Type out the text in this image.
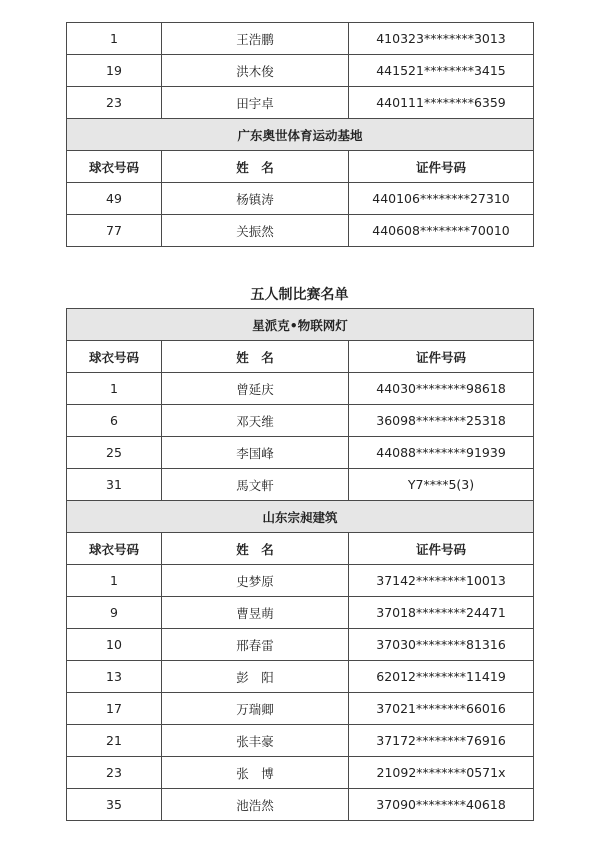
1	王浩鹏	410323********3013
19	洪木俊	441521********3415
23	田宇卓	440111********6359
广东奥世体育运动基地		
球衣号码	姓　名	证件号码
49	杨镇涛	440106********27310
77	关振然	440608********70010
五人制比赛名单
星派克•物联网灯		
球衣号码	姓　名	证件号码
1	曾延庆	44030********98618
6	邓天维	36098********25318
25	李国峰	44088********91939
31	馬文軒	Y7****5(3)
山东宗昶建筑		
球衣号码	姓　名	证件号码
1	史梦原	37142********10013
9	曹昱萌	37018********24471
10	邢春雷	37030********81316
13	彭　阳	62012********11419
17	万瑞卿	37021********66016
21	张丰豪	37172********76916
23	张　博	21092********0571x
35	池浩然	37090********40618
